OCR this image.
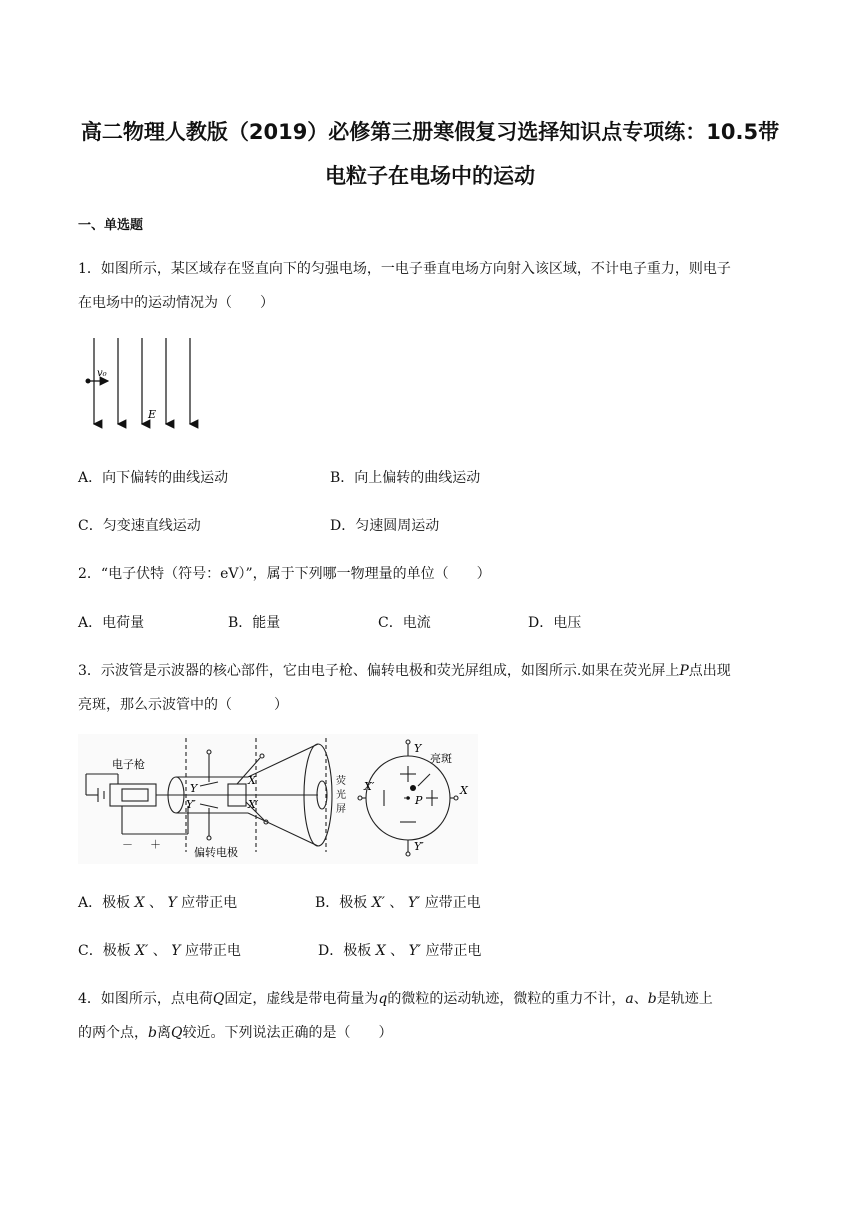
高二物理人教版（2019）必修第三册寒假复习选择知识点专项练：10.5带
电粒子在电场中的运动
一、单选题
1．如图所示，某区域存在竖直向下的匀强电场，一电子垂直电场方向射入该区域，不计电子重力，则电子
在电场中的运动情况为（　　）
v₀
E
A．向下偏转的曲线运动	B．向上偏转的曲线运动
C．匀变速直线运动	D．匀速圆周运动
2．“电子伏特（符号：eV）”，属于下列哪一物理量的单位（　　）
A．电荷量	B．能量	C．电流	D．电压
3．示波管是示波器的核心部件，它由电子枪、偏转电极和荧光屏组成，如图所示.如果在荧光屏上P点出现
亮斑，那么示波管中的（　　　）
电子枪
偏转电极
－ ＋
Y
Y′
X
X′
荧
光
屏
亮斑
P
Y
Y′
X
X′
A．极板 X 、 Y 应带正电	B．极板 X′ 、 Y′ 应带正电
C．极板 X′ 、 Y 应带正电	D．极板 X 、 Y′ 应带正电
4．如图所示，点电荷Q固定，虚线是带电荷量为q的微粒的运动轨迹，微粒的重力不计，a、b是轨迹上
的两个点，b离Q较近。下列说法正确的是（　　）
